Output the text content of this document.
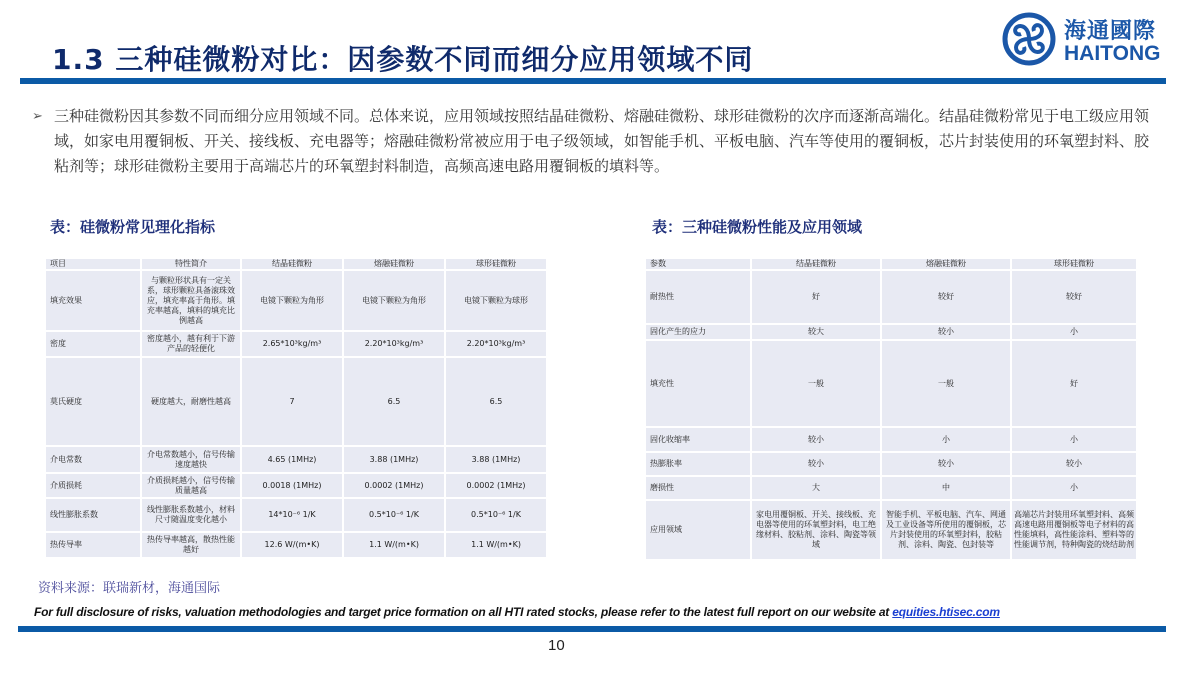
1.3 三种硅微粉对比：因参数不同而细分应用领域不同
海通國際
HAITONG
➢ 三种硅微粉因其参数不同而细分应用领域不同。总体来说，应用领域按照结晶硅微粉、熔融硅微粉、球形硅微粉的次序而逐渐高端化。结晶硅微粉常见于电工级应用领域，如家电用覆铜板、开关、接线板、充电器等；熔融硅微粉常被应用于电子级领域，如智能手机、平板电脑、汽车等使用的覆铜板，芯片封装使用的环氧塑封料、胶粘剂等；球形硅微粉主要用于高端芯片的环氧塑封料制造，高频高速电路用覆铜板的填料等。

表：硅微粉常见理化指标	表：三种硅微粉性能及应用领域
项目	特性简介	结晶硅微粉	熔融硅微粉	球形硅微粉
填充效果	与颗粒形状具有一定关系，球形颗粒具备滚珠效应，填充率高于角形。填充率越高，填料的填充比例越高	电镜下颗粒为角形	电镜下颗粒为角形	电镜下颗粒为球形
密度	密度越小，越有利于下游产品的轻便化	2.65*10³kg/m³	2.20*10³kg/m³	2.20*10³kg/m³
莫氏硬度	硬度越大，耐磨性越高	7	6.5	6.5
介电常数	介电常数越小，信号传输速度越快	4.65 (1MHz)	3.88 (1MHz)	3.88 (1MHz)
介质损耗	介质损耗越小，信号传输质量越高	0.0018 (1MHz)	0.0002 (1MHz)	0.0002 (1MHz)
线性膨胀系数	线性膨胀系数越小，材料尺寸随温度变化越小	14*10⁻⁶ 1/K	0.5*10⁻⁶ 1/K	0.5*10⁻⁶ 1/K
热传导率	热传导率越高，散热性能越好	12.6 W/(m•K)	1.1 W/(m•K)	1.1 W/(m•K)
参数	结晶硅微粉	熔融硅微粉	球形硅微粉
耐热性	好	较好	较好
固化产生的应力	较大	较小	小
填充性	一般	一般	好
固化收缩率	较小	小	小
热膨胀率	较小	较小	较小
磨损性	大	中	小
应用领域	家电用覆铜板、开关、接线板、充电器等使用的环氧塑封料，电工绝缘材料、胶粘剂、涂料、陶瓷等领域	智能手机、平板电脑、汽车、网通及工业设备等所使用的覆铜板，芯片封装使用的环氧塑封料，胶粘剂、涂料、陶瓷、包封装等	高端芯片封装用环氧塑封料、高频高速电路用覆铜板等电子材料的高性能填料，高性能涂料、塑料等的性能调节剂，特种陶瓷的烧结助剂
资料来源：联瑞新材，海通国际
For full disclosure of risks, valuation methodologies and target price formation on all HTI rated stocks, please refer to the latest full report on our website at equities.htisec.com
10
